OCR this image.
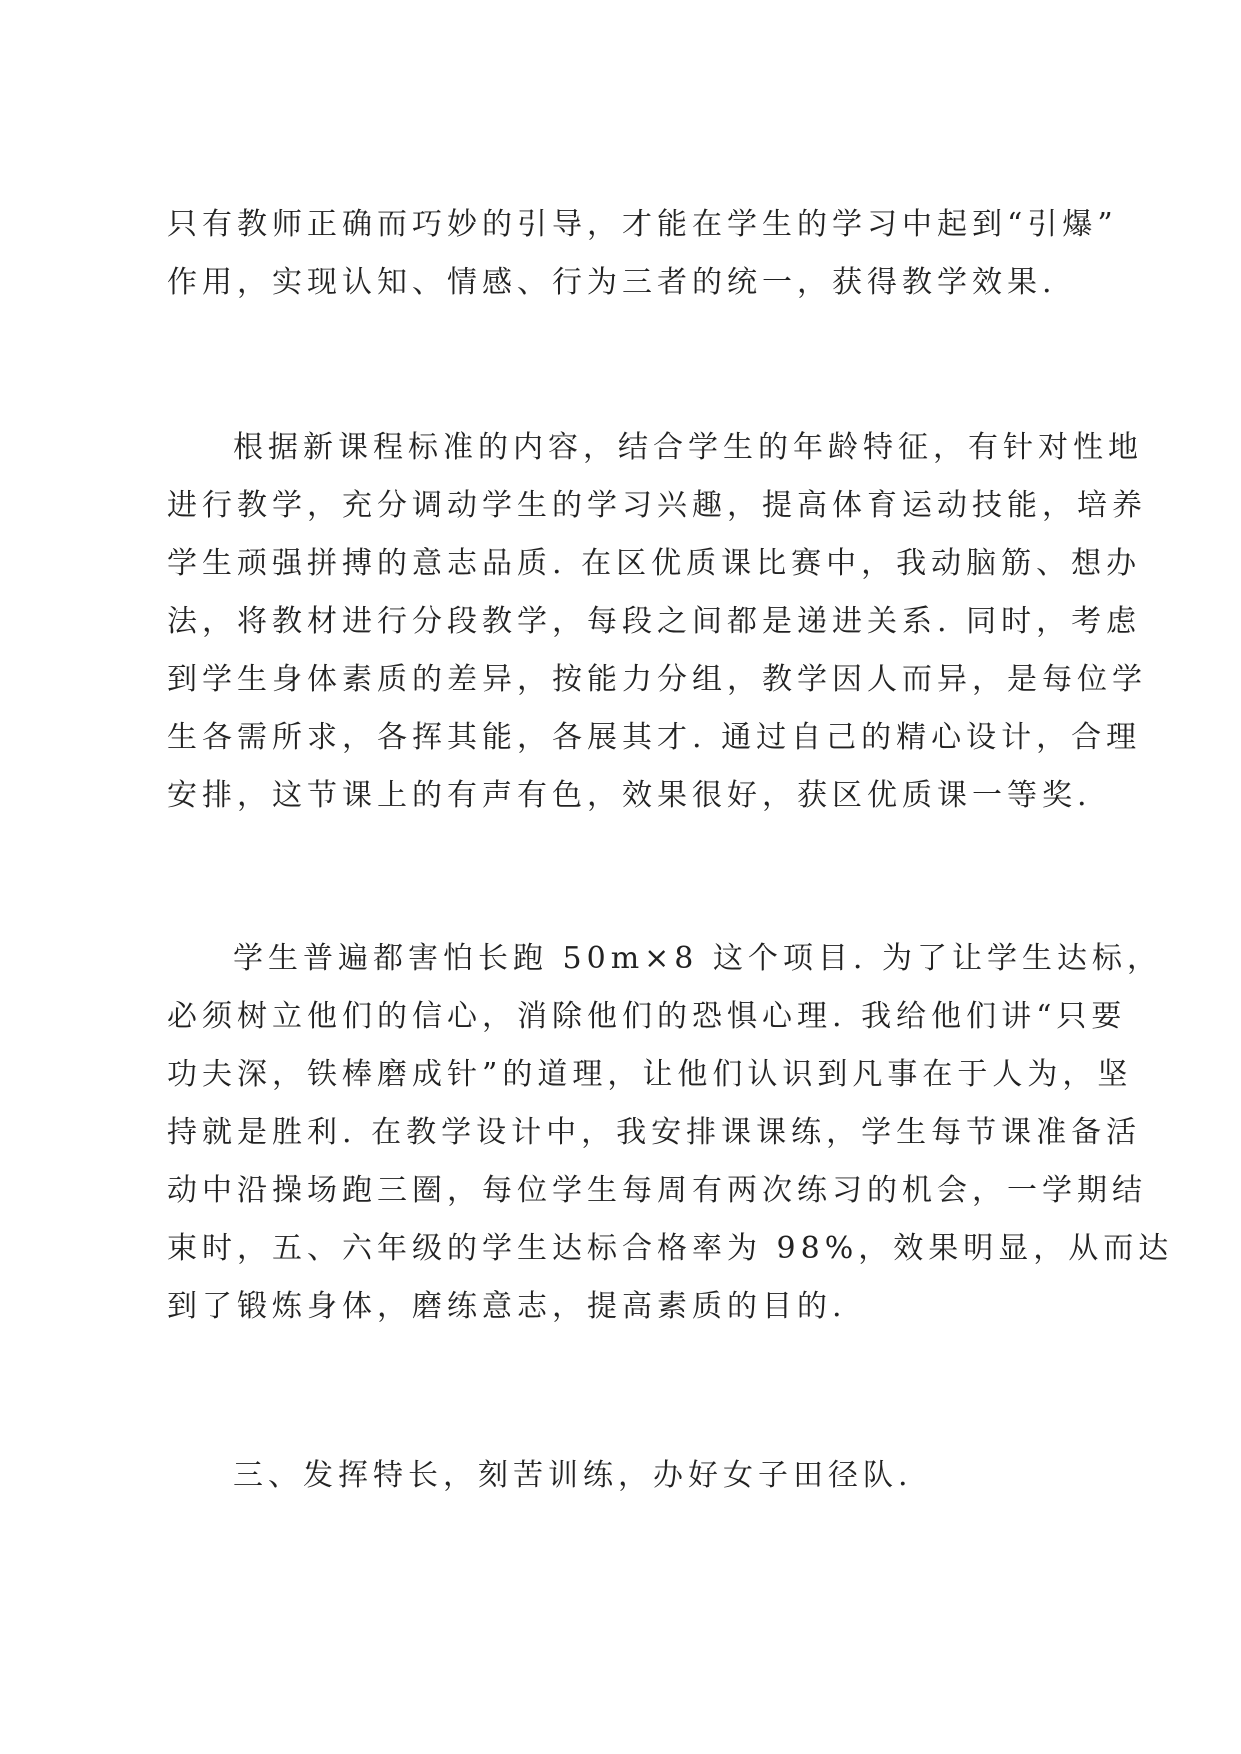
只有教师正确而巧妙的引导，才能在学生的学习中起到“引爆”
作用，实现认知、情感、行为三者的统一，获得教学效果.
根据新课程标准的内容，结合学生的年龄特征，有针对性地
进行教学，充分调动学生的学习兴趣，提高体育运动技能，培养
学生顽强拼搏的意志品质. 在区优质课比赛中，我动脑筋、想办
法，将教材进行分段教学，每段之间都是递进关系. 同时，考虑
到学生身体素质的差异，按能力分组，教学因人而异，是每位学
生各需所求，各挥其能，各展其才. 通过自己的精心设计，合理
安排，这节课上的有声有色，效果很好，获区优质课一等奖.
学生普遍都害怕长跑 50m×8 这个项目. 为了让学生达标，
必须树立他们的信心，消除他们的恐惧心理. 我给他们讲“只要
功夫深，铁棒磨成针”的道理，让他们认识到凡事在于人为，坚
持就是胜利. 在教学设计中，我安排课课练，学生每节课准备活
动中沿操场跑三圈，每位学生每周有两次练习的机会，一学期结
束时，五、六年级的学生达标合格率为 98%，效果明显，从而达
到了锻炼身体，磨练意志，提高素质的目的.
三、发挥特长，刻苦训练，办好女子田径队.
